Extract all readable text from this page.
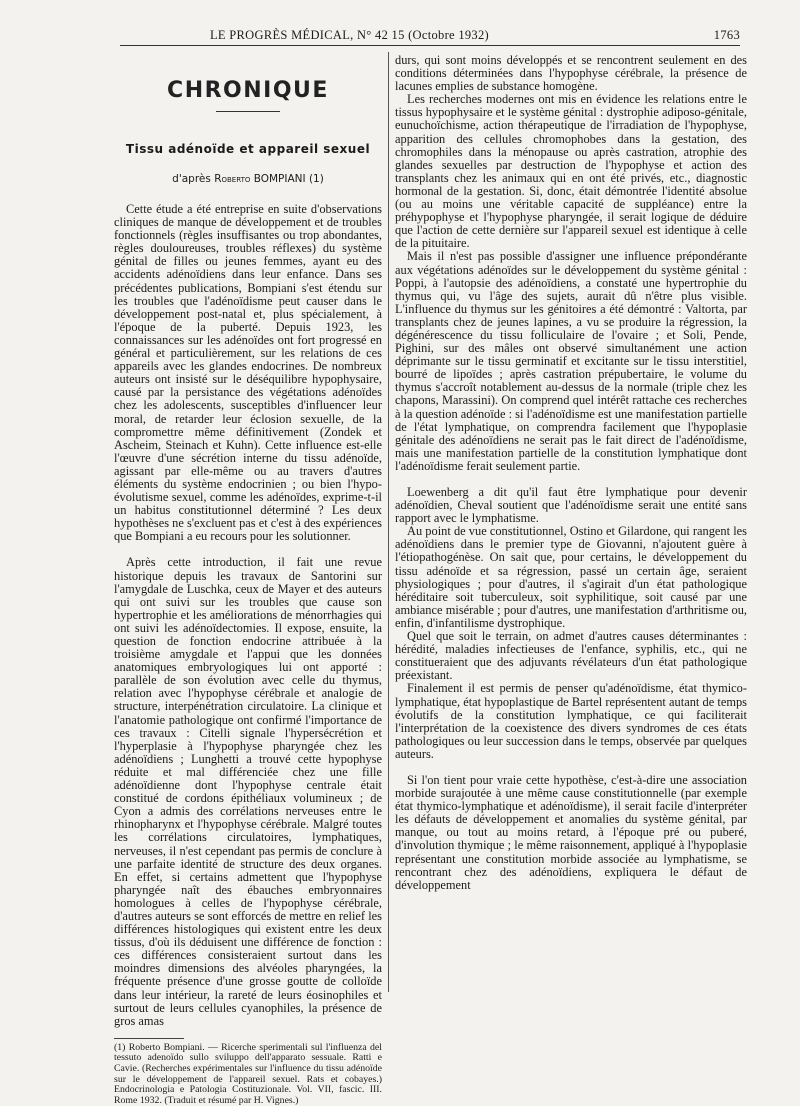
LE PROGRÈS MÉDICAL, N° 42 15 (Octobre 1932)	1763
CHRONIQUE
Tissu adénoïde et appareil sexuel
d'après Roberto BOMPIANI (1)

Cette étude a été entreprise en suite d'observations cliniques de manque de développement et de troubles fonctionnels (règles insuffisantes ou trop abondantes, règles douloureuses, troubles réflexes) du système génital de filles ou jeunes femmes, ayant eu des accidents adénoïdiens dans leur enfance. Dans ses précédentes publications, Bompiani s'est étendu sur les troubles que l'adénoïdisme peut causer dans le développement post-natal et, plus spécialement, à l'époque de la puberté. Depuis 1923, les connaissances sur les adénoïdes ont fort progressé en général et particulièrement, sur les relations de ces appareils avec les glandes endocrines. De nombreux auteurs ont insisté sur le déséquilibre hypophysaire, causé par la persistance des végétations adénoïdes chez les adolescents, susceptibles d'influencer leur moral, de retarder leur éclosion sexuelle, de la compromettre même définitivement (Zondek et Ascheim, Steinach et Kuhn). Cette influence est-elle l'œuvre d'une sécrétion interne du tissu adénoïde, agissant par elle-même ou au travers d'autres éléments du système endocrinien ; ou bien l'hypo-évolutisme sexuel, comme les adénoïdes, exprime-t-il un habitus constitutionnel déterminé ? Les deux hypothèses ne s'excluent pas et c'est à des expériences que Bompiani a eu recours pour les solutionner.

Après cette introduction, il fait une revue historique depuis les travaux de Santorini sur l'amygdale de Luschka, ceux de Mayer et des auteurs qui ont suivi sur les troubles que cause son hypertrophie et les améliorations de ménorrhagies qui ont suivi les adénoïdectomies. Il expose, ensuite, la question de fonction endocrine attribuée à la troisième amygdale et l'appui que les données anatomiques embryologiques lui ont apporté : parallèle de son évolution avec celle du thymus, relation avec l'hypophyse cérébrale et analogie de structure, interpénétration circulatoire. La clinique et l'anatomie pathologique ont confirmé l'importance de ces travaux : Citelli signale l'hypersécrétion et l'hyperplasie à l'hypophyse pharyngée chez les adénoïdiens ; Lunghetti a trouvé cette hypophyse réduite et mal différenciée chez une fille adénoïdienne dont l'hypophyse centrale était constitué de cordons épithéliaux volumineux ; de Cyon a admis des corrélations nerveuses entre le rhinopharynx et l'hypophyse cérébrale. Malgré toutes les corrélations circulatoires, lymphatiques, nerveuses, il n'est cependant pas permis de conclure à une parfaite identité de structure des deux organes. En effet, si certains admettent que l'hypophyse pharyngée naît des ébauches embryonnaires homologues à celles de l'hypophyse cérébrale, d'autres auteurs se sont efforcés de mettre en relief les différences histologiques qui existent entre les deux tissus, d'où ils déduisent une différence de fonction : ces différences consisteraient surtout dans les moindres dimensions des alvéoles pharyngées, la fréquente présence d'une grosse goutte de colloïde dans leur intérieur, la rareté de leurs éosinophiles et surtout de leurs cellules cyanophiles, la présence de gros amas

(1) Roberto Bompiani. — Ricerche sperimentali sul l'influenza del tessuto adenoïdo sullo sviluppo dell'apparato sessuale. Ratti e Cavie. (Recherches expérimentales sur l'influence du tissu adénoïde sur le développement de l'appareil sexuel. Rats et cobayes.) Endocrinologia e Patologia Costituzionale. Vol. VII, fascic. III. Rome 1932. (Traduit et résumé par H. Vignes.)

durs, qui sont moins développés et se rencontrent seulement en des conditions déterminées dans l'hypophyse cérébrale, la présence de lacunes emplies de substance homogène.

Les recherches modernes ont mis en évidence les relations entre le tissus hypophysaire et le système génital : dystrophie adiposo-génitale, eunuchoïchisme, action thérapeutique de l'irradiation de l'hypophyse, apparition des cellules chromophobes dans la gestation, des chromophiles dans la ménopause ou après castration, atrophie des glandes sexuelles par destruction de l'hypophyse et action des transplants chez les animaux qui en ont été privés, etc., diagnostic hormonal de la gestation. Si, donc, était démontrée l'identité absolue (ou au moins une véritable capacité de suppléance) entre la préhypophyse et l'hypophyse pharyngée, il serait logique de déduire que l'action de cette dernière sur l'appareil sexuel est identique à celle de la pituitaire.

Mais il n'est pas possible d'assigner une influence prépondérante aux végétations adénoïdes sur le développement du système génital : Poppi, à l'autopsie des adénoïdiens, a constaté une hypertrophie du thymus qui, vu l'âge des sujets, aurait dû n'être plus visible. L'influence du thymus sur les génitoires a été démontré : Valtorta, par transplants chez de jeunes lapines, a vu se produire la régression, la dégénérescence du tissu folliculaire de l'ovaire ; et Soli, Pende, Pighini, sur des mâles ont observé simultanément une action déprimante sur le tissu germinatif et excitante sur le tissu interstitiel, bourré de lipoïdes ; après castration prépubertaire, le volume du thymus s'accroît notablement au-dessus de la normale (triple chez les chapons, Marassini). On comprend quel intérêt rattache ces recherches à la question adénoïde : si l'adénoïdisme est une manifestation partielle de l'état lymphatique, on comprendra facilement que l'hypoplasie génitale des adénoïdiens ne serait pas le fait direct de l'adénoïdisme, mais une manifestation partielle de la constitution lymphatique dont l'adénoïdisme ferait seulement partie.

Loewenberg a dit qu'il faut être lymphatique pour devenir adénoïdien, Cheval soutient que l'adénoïdisme serait une entité sans rapport avec le lymphatisme.

Au point de vue constitutionnel, Ostino et Gilardone, qui rangent les adénoïdiens dans le premier type de Giovanni, n'ajoutent guère à l'étiopathogénèse. On sait que, pour certains, le développement du tissu adénoïde et sa régression, passé un certain âge, seraient physiologiques ; pour d'autres, il s'agirait d'un état pathologique héréditaire soit tuberculeux, soit syphilitique, soit causé par une ambiance misérable ; pour d'autres, une manifestation d'arthritisme ou, enfin, d'infantilisme dystrophique.

Quel que soit le terrain, on admet d'autres causes déterminantes : hérédité, maladies infectieuses de l'enfance, syphilis, etc., qui ne constitueraient que des adjuvants révélateurs d'un état pathologique préexistant.

Finalement il est permis de penser qu'adénoïdisme, état thymico-lymphatique, état hypoplastique de Bartel représentent autant de temps évolutifs de la constitution lymphatique, ce qui faciliterait l'interprétation de la coexistence des divers syndromes de ces états pathologiques ou leur succession dans le temps, observée par quelques auteurs.

Si l'on tient pour vraie cette hypothèse, c'est-à-dire une association morbide surajoutée à une même cause constitutionnelle (par exemple état thymico-lymphatique et adénoïdisme), il serait facile d'interpréter les défauts de développement et anomalies du système génital, par manque, ou tout au moins retard, à l'époque pré ou puberé, d'involution thymique ; le même raisonnement, appliqué à l'hypoplasie représentant une constitution morbide associée au lymphatisme, se rencontrant chez des adénoïdiens, expliquera le défaut de développement
